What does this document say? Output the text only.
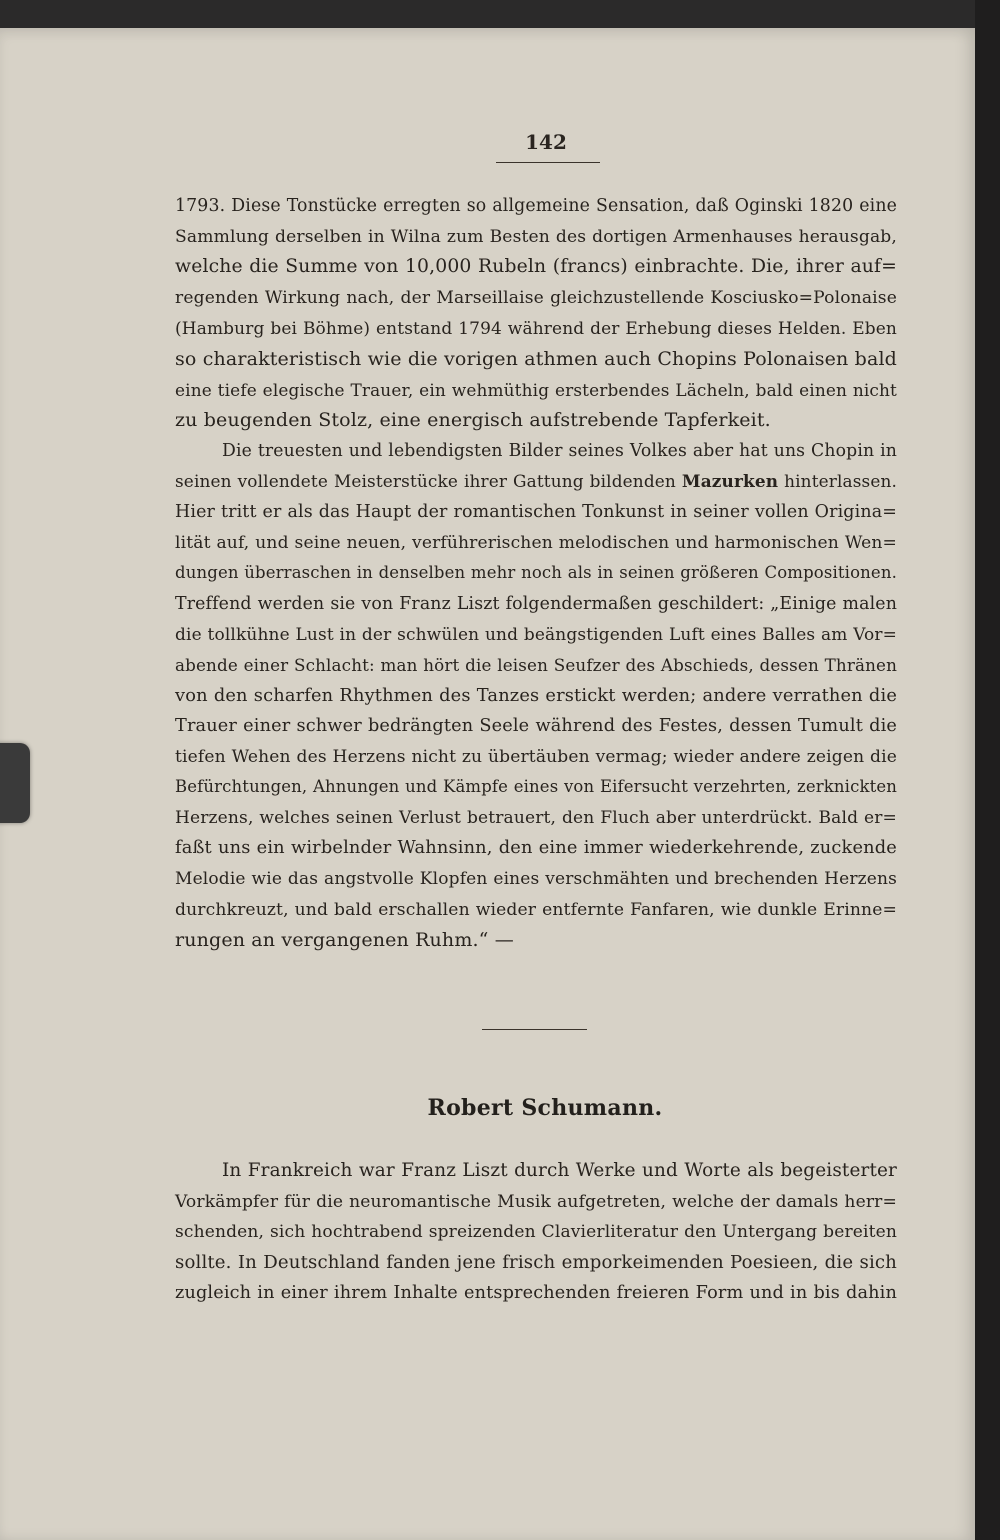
142
1793. Diese Tonstücke erregten so allgemeine Sensation, daß Oginski 1820 eine
Sammlung derselben in Wilna zum Besten des dortigen Armenhauses herausgab,
welche die Summe von 10,000 Rubeln (francs) einbrachte. Die, ihrer auf=
regenden Wirkung nach, der Marseillaise gleichzustellende Kosciusko=Polonaise
(Hamburg bei Böhme) entstand 1794 während der Erhebung dieses Helden. Eben
so charakteristisch wie die vorigen athmen auch Chopins Polonaisen bald
eine tiefe elegische Trauer, ein wehmüthig ersterbendes Lächeln, bald einen nicht
zu beugenden Stolz, eine energisch aufstrebende Tapferkeit.
Die treuesten und lebendigsten Bilder seines Volkes aber hat uns Chopin in
seinen vollendete Meisterstücke ihrer Gattung bildenden Mazurken hinterlassen.
Hier tritt er als das Haupt der romantischen Tonkunst in seiner vollen Origina=
lität auf, und seine neuen, verführerischen melodischen und harmonischen Wen=
dungen überraschen in denselben mehr noch als in seinen größeren Compositionen.
Treffend werden sie von Franz Liszt folgendermaßen geschildert: „Einige malen
die tollkühne Lust in der schwülen und beängstigenden Luft eines Balles am Vor=
abende einer Schlacht: man hört die leisen Seufzer des Abschieds, dessen Thränen
von den scharfen Rhythmen des Tanzes erstickt werden; andere verrathen die
Trauer einer schwer bedrängten Seele während des Festes, dessen Tumult die
tiefen Wehen des Herzens nicht zu übertäuben vermag; wieder andere zeigen die
Befürchtungen, Ahnungen und Kämpfe eines von Eifersucht verzehrten, zerknickten
Herzens, welches seinen Verlust betrauert, den Fluch aber unterdrückt. Bald er=
faßt uns ein wirbelnder Wahnsinn, den eine immer wiederkehrende, zuckende
Melodie wie das angstvolle Klopfen eines verschmähten und brechenden Herzens
durchkreuzt, und bald erschallen wieder entfernte Fanfaren, wie dunkle Erinne=
rungen an vergangenen Ruhm.“ —
Robert Schumann.
In Frankreich war Franz Liszt durch Werke und Worte als begeisterter
Vorkämpfer für die neuromantische Musik aufgetreten, welche der damals herr=
schenden, sich hochtrabend spreizenden Clavierliteratur den Untergang bereiten
sollte. In Deutschland fanden jene frisch emporkeimenden Poesieen, die sich
zugleich in einer ihrem Inhalte entsprechenden freieren Form und in bis dahin
